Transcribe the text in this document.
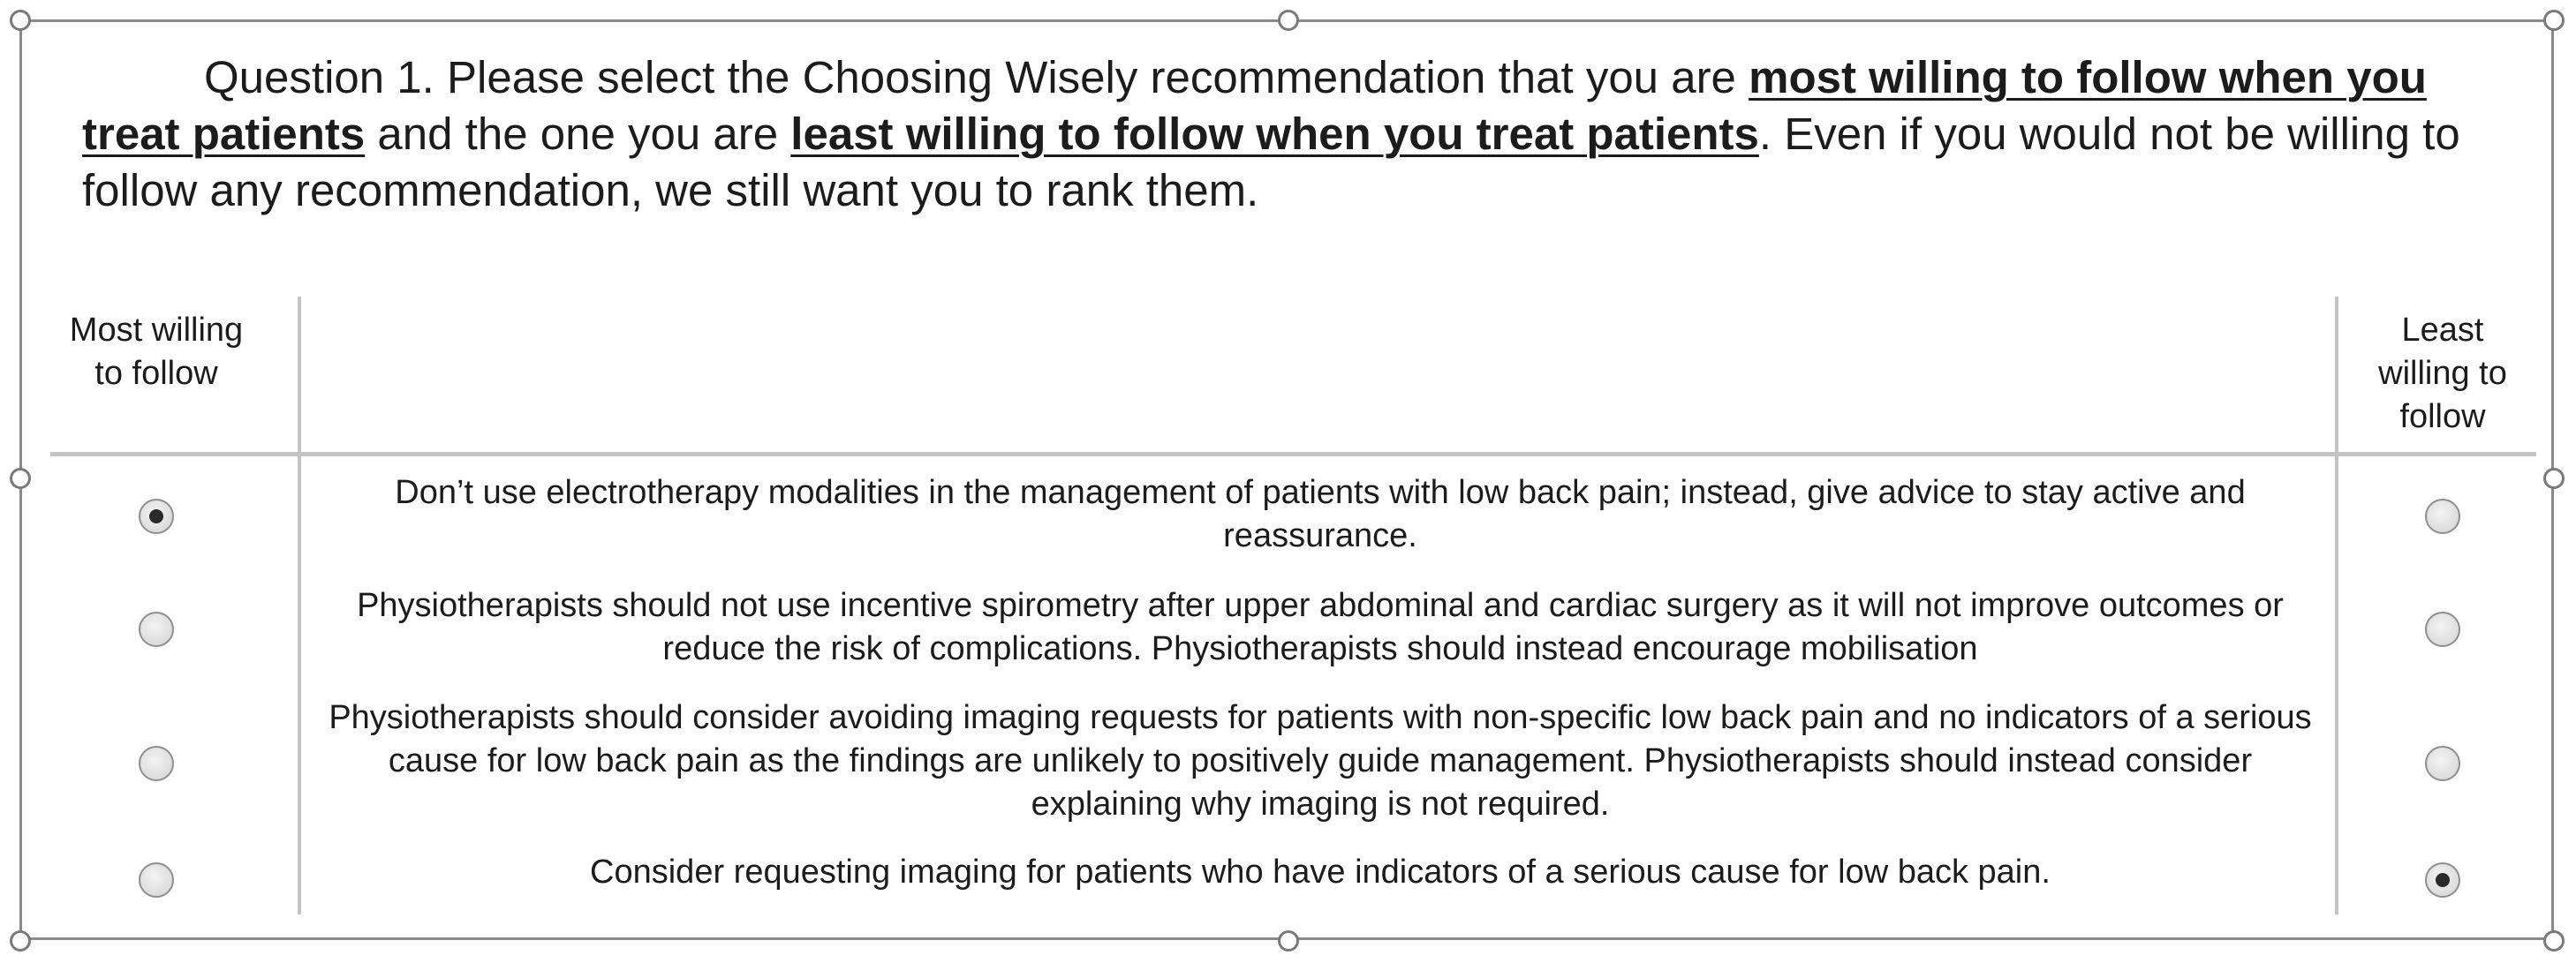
Question 1. Please select the Choosing Wisely recommendation that you are most willing to follow when you treat patients and the one you are least willing to follow when you treat patients. Even if you would not be willing to follow any recommendation, we still want you to rank them.
Most willing to follow
Least willing to follow
Don’t use electrotherapy modalities in the management of patients with low back pain; instead, give advice to stay active and reassurance.
Physiotherapists should not use incentive spirometry after upper abdominal and cardiac surgery as it will not improve outcomes or reduce the risk of complications. Physiotherapists should instead encourage mobilisation
Physiotherapists should consider avoiding imaging requests for patients with non-specific low back pain and no indicators of a serious cause for low back pain as the findings are unlikely to positively guide management. Physiotherapists should instead consider explaining why imaging is not required.
Consider requesting imaging for patients who have indicators of a serious cause for low back pain.
